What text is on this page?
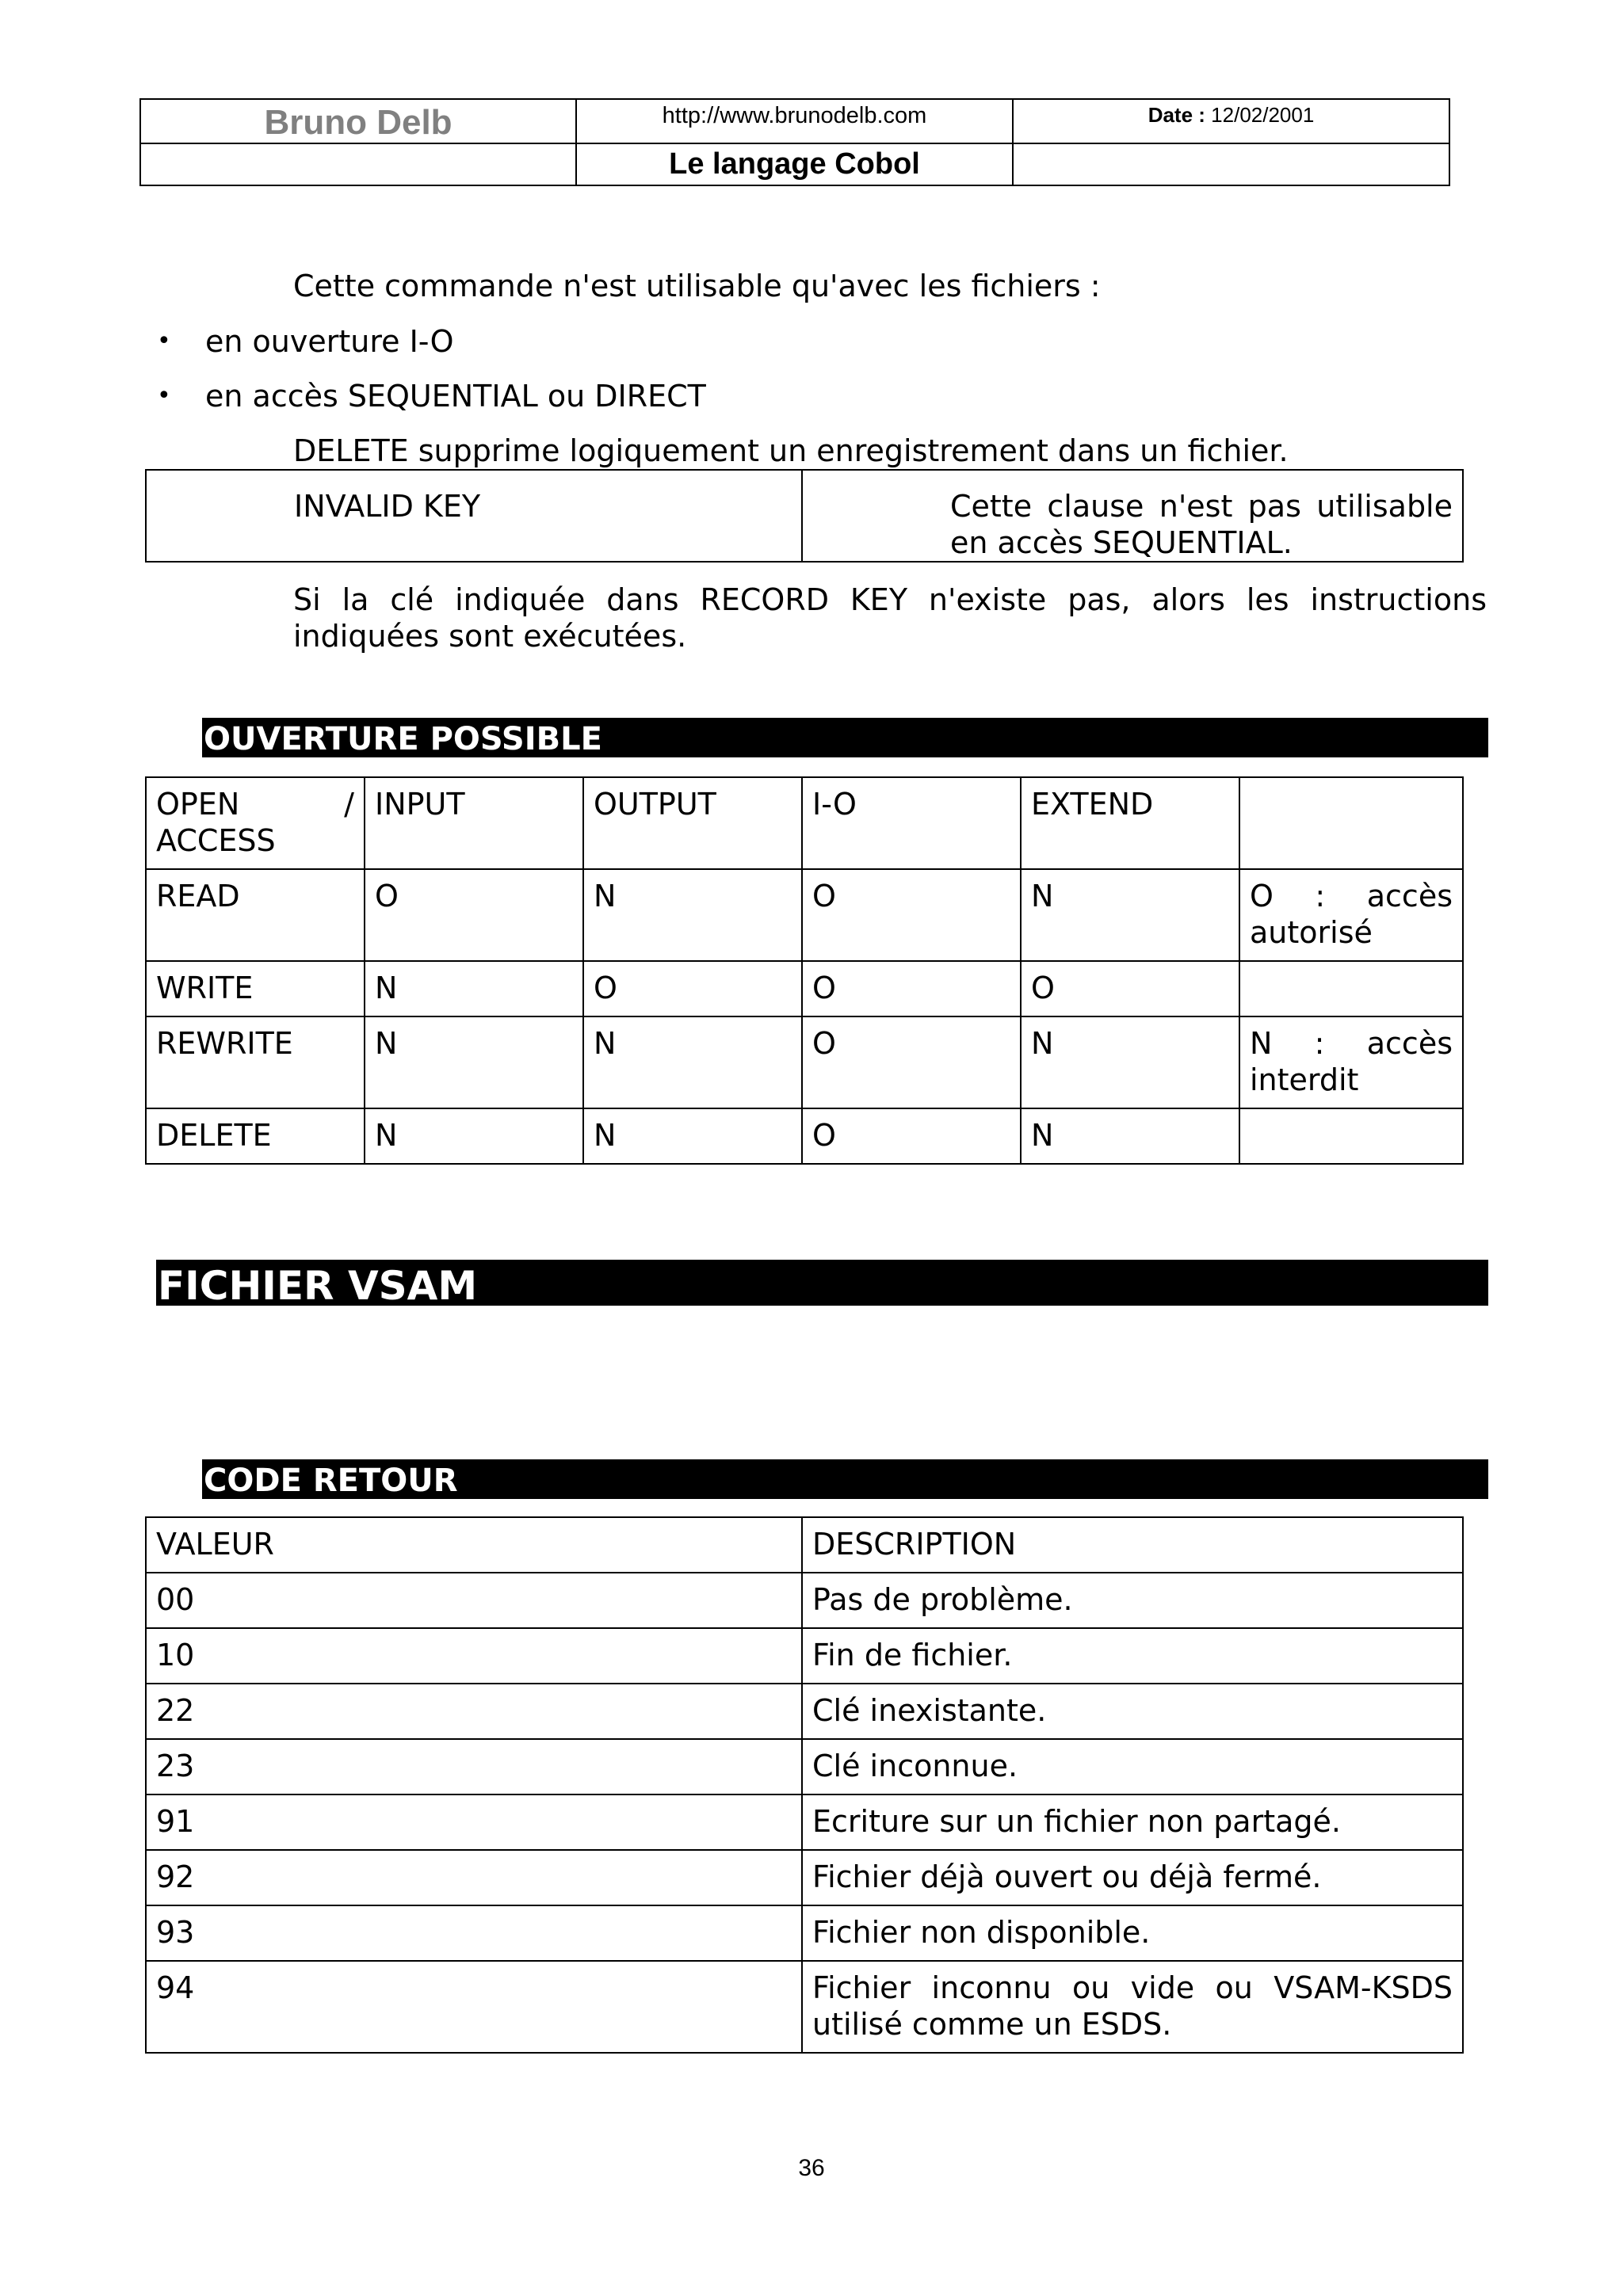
Bruno Delb	http://www.brunodelb.com	Date : 12/02/2001
	Le langage Cobol	
Cette commande n'est utilisable qu'avec les fichiers :
• en ouverture I-O
• en accès SEQUENTIAL ou DIRECT
DELETE supprime logiquement un enregistrement dans un fichier.
INVALID KEY	Cette clause n'est pas utilisable
en accès SEQUENTIAL.
Si la clé indiquée dans RECORD KEY n'existe pas, alors les instructions
indiquées sont exécutées.
OUVERTURE POSSIBLE
OPEN /
ACCESS	INPUT	OUTPUT	I-O	EXTEND	
READ	O	N	O	N	O : accès
autorisé

WRITE	N	O	O	O	
REWRITE	N	N	O	N	N : accès
interdit

DELETE	N	N	O	N	
FICHIER VSAM
CODE RETOUR
VALEUR	DESCRIPTION
00	Pas de problème.
10	Fin de fichier.
22	Clé inexistante.
23	Clé inconnue.
91	Ecriture sur un fichier non partagé.
92	Fichier déjà ouvert ou déjà fermé.
93	Fichier non disponible.
94	Fichier inconnu ou vide ou VSAM-KSDS utilisé comme un ESDS.
36
